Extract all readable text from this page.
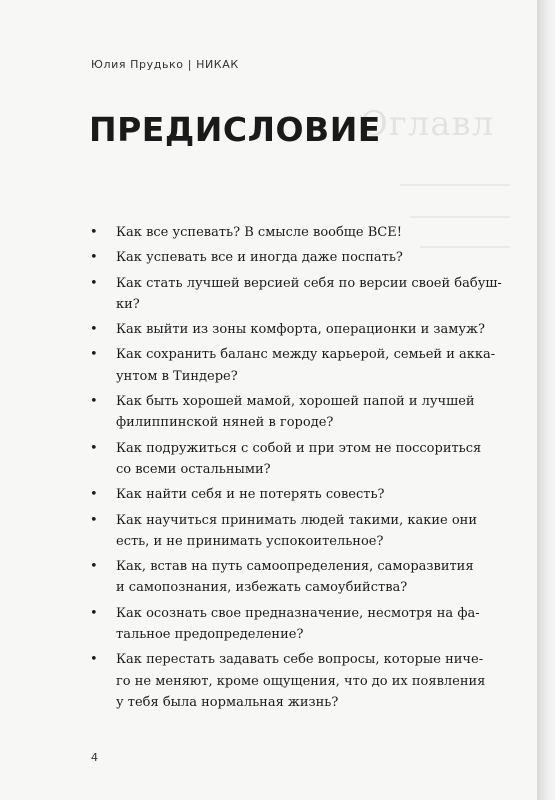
Оглавл
Юлия Прудько | НИКАК
ПРЕДИСЛОВИЕ
• Как все успевать? В смысле вообще ВСЕ!
• Как успевать все и иногда даже поспать?
• Как стать лучшей версией себя по версии своей бабуш-
ки?
• Как выйти из зоны комфорта, операционки и замуж?
• Как сохранить баланс между карьерой, семьей и акка-
унтом в Тиндере?
• Как быть хорошей мамой, хорошей папой и лучшей
филиппинской няней в городе?
• Как подружиться с собой и при этом не поссориться
со всеми остальными?
• Как найти себя и не потерять совесть?
• Как научиться принимать людей такими, какие они
есть, и не принимать успокоительное?
• Как, встав на путь самоопределения, саморазвития
и самопознания, избежать самоубийства?
• Как осознать свое предназначение, несмотря на фа-
тальное предопределение?
• Как перестать задавать себе вопросы, которые ниче-
го не меняют, кроме ощущения, что до их появления
у тебя была нормальная жизнь?
4
